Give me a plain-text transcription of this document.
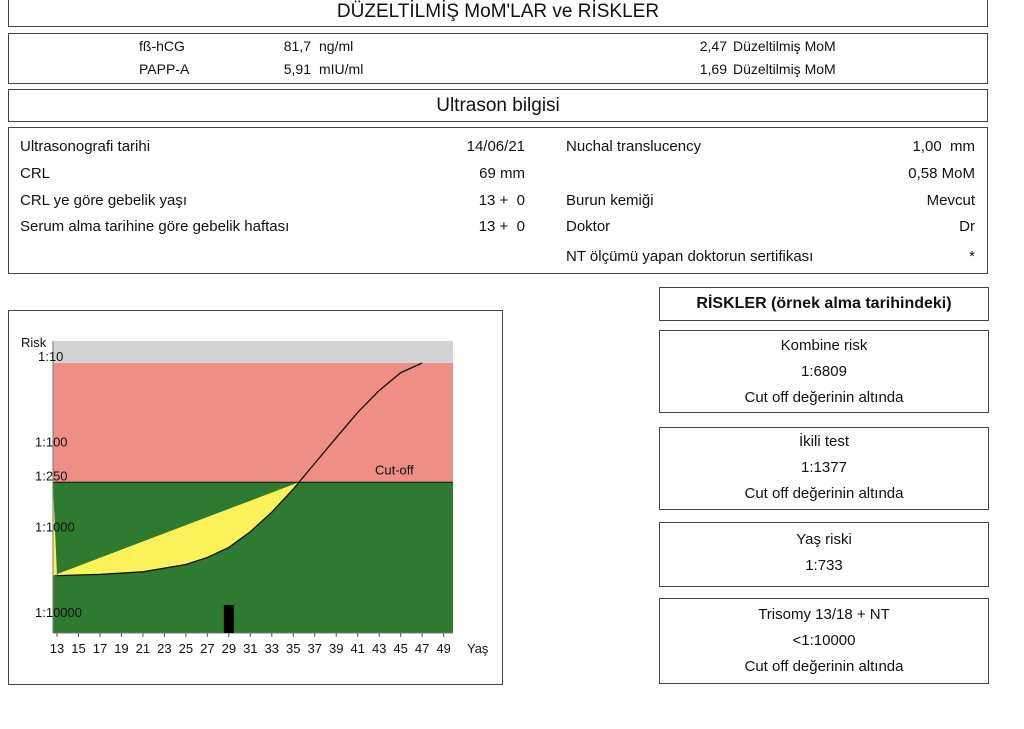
DÜZELTİLMİŞ MoM'LAR ve RİSKLER
fß-hCG	81,7 ng/ml	2,47 Düzeltilmiş MoM
PAPP-A	5,91 mIU/ml	1,69 Düzeltilmiş MoM
Ultrason bilgisi
Ultrasonografi tarihi	14/06/21
CRL	69 mm
CRL ye göre gebelik yaşı	13 +  0
Serum alma tarihine göre gebelik haftası	13 +  0
Nuchal translucency	1,00  mm
0,58 MoM
Burun kemiği	Mevcut
Doktor	Dr
NT ölçümü yapan doktorun sertifikası	*
Cut-off
1:10
1:100
1:250
1:1000
1:10000
Risk
13 15 17 19 21 23 25 27 29 31 33 35 37 39 41 43 45 47 49 Yaş
RİSKLER (örnek alma tarihindeki)
Kombine risk
1:6809
Cut off değerinin altında
İkili test
1:1377
Cut off değerinin altında
Yaş riski
1:733
Trisomy 13/18 + NT
<1:10000
Cut off değerinin altında
